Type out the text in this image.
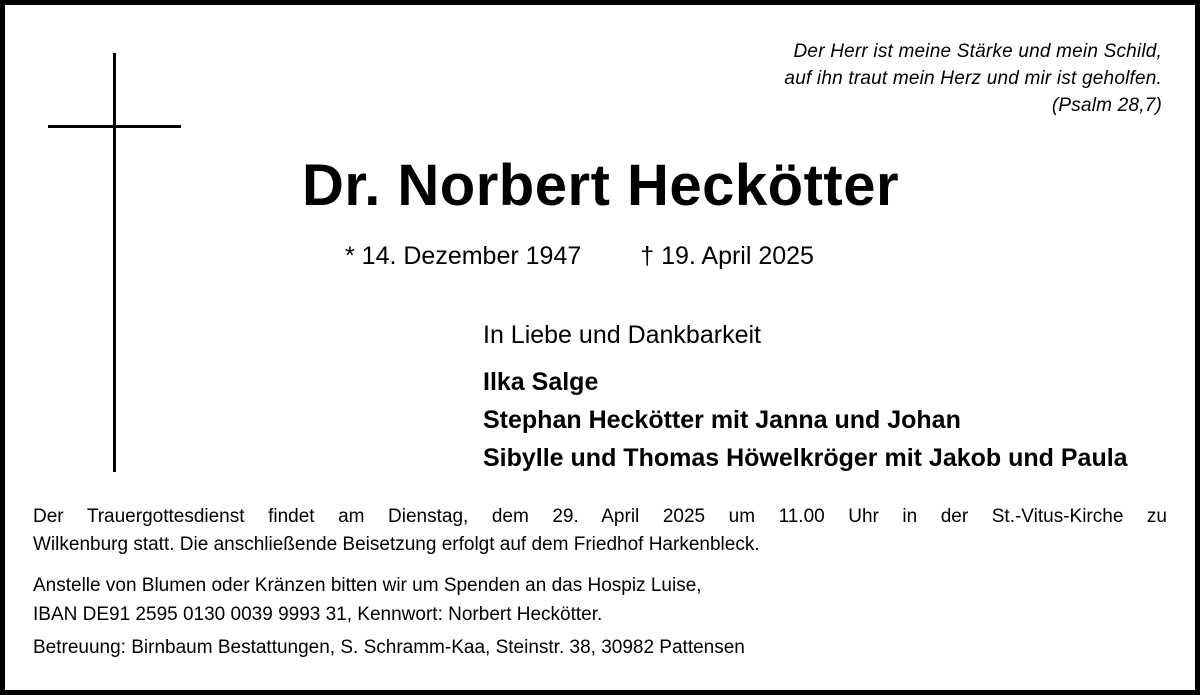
Der Herr ist meine Stärke und mein Schild,
auf ihn traut mein Herz und mir ist geholfen.
(Psalm 28,7)
Dr. Norbert Heckötter
* 14. Dezember 1947 † 19. April 2025
In Liebe und Dankbarkeit
Ilka Salge
Stephan Heckötter mit Janna und Johan
Sibylle und Thomas Höwelkröger mit Jakob und Paula
Der Trauergottesdienst findet am Dienstag, dem 29. April 2025 um 11.00 Uhr in der St.-Vitus-Kirche zu
Wilkenburg statt. Die anschließende Beisetzung erfolgt auf dem Friedhof Harkenbleck.
Anstelle von Blumen oder Kränzen bitten wir um Spenden an das Hospiz Luise,
IBAN DE91 2595 0130 0039 9993 31, Kennwort: Norbert Heckötter.
Betreuung: Birnbaum Bestattungen, S. Schramm-Kaa, Steinstr. 38, 30982 Pattensen
